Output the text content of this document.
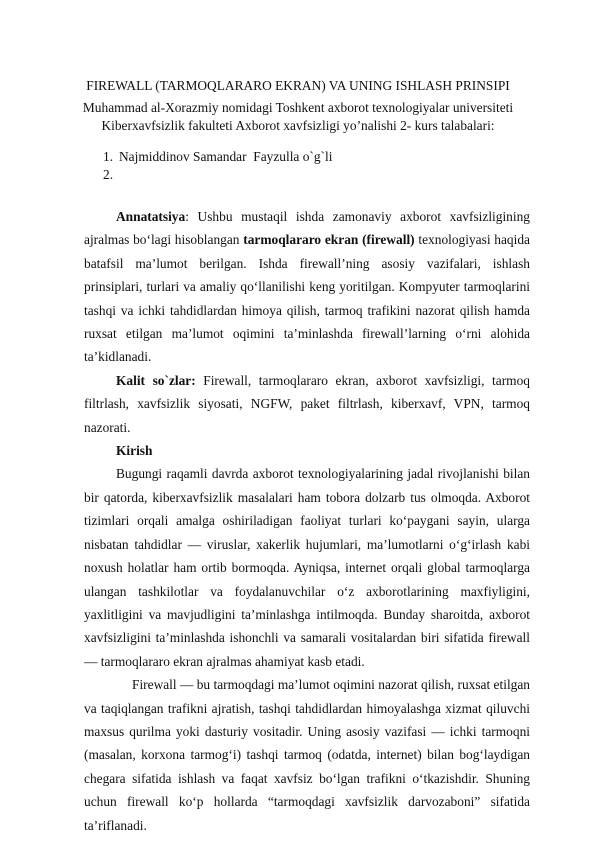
FIREWALL (TARMOQLARARO EKRAN) VA UNING ISHLASH PRINSIPI
Muhammad al-Xorazmiy nomidagi Toshkent axborot texnologiyalar universiteti
Kiberxavfsizlik fakulteti Axborot xavfsizligi yo’nalishi 2- kurs talabalari:
1. Najmiddinov Samandar  Fayzulla o`g`li
2.

Annatatsiya: Ushbu mustaqil ishda zamonaviy axborot xavfsizligining ajralmas bo‘lagi hisoblangan tarmoqlararo ekran (firewall) texnologiyasi haqida batafsil ma’lumot berilgan. Ishda firewall’ning asosiy vazifalari, ishlash prinsiplari, turlari va amaliy qo‘llanilishi keng yoritilgan. Kompyuter tarmoqlarini tashqi va ichki tahdidlardan himoya qilish, tarmoq trafikini nazorat qilish hamda ruxsat etilgan ma’lumot oqimini ta’minlashda firewall’larning o‘rni alohida ta’kidlanadi.

Kalit so`zlar: Firewall, tarmoqlararo ekran, axborot xavfsizligi, tarmoq filtrlash, xavfsizlik siyosati, NGFW, paket filtrlash, kiberxavf, VPN, tarmoq nazorati.

Kirish

Bugungi raqamli davrda axborot texnologiyalarining jadal rivojlanishi bilan bir qatorda, kiberxavfsizlik masalalari ham tobora dolzarb tus olmoqda. Axborot tizimlari orqali amalga oshiriladigan faoliyat turlari ko‘paygani sayin, ularga nisbatan tahdidlar — viruslar, xakerlik hujumlari, ma’lumotlarni o‘g‘irlash kabi noxush holatlar ham ortib bormoqda. Ayniqsa, internet orqali global tarmoqlarga ulangan tashkilotlar va foydalanuvchilar o‘z axborotlarining maxfiyligini, yaxlitligini va mavjudligini ta’minlashga intilmoqda. Bunday sharoitda, axborot xavfsizligini ta’minlashda ishonchli va samarali vositalardan biri sifatida firewall — tarmoqlararo ekran ajralmas ahamiyat kasb etadi.

Firewall — bu tarmoqdagi ma’lumot oqimini nazorat qilish, ruxsat etilgan va taqiqlangan trafikni ajratish, tashqi tahdidlardan himoyalashga xizmat qiluvchi maxsus qurilma yoki dasturiy vositadir. Uning asosiy vazifasi — ichki tarmoqni (masalan, korxona tarmog‘i) tashqi tarmoq (odatda, internet) bilan bog‘laydigan chegara sifatida ishlash va faqat xavfsiz bo‘lgan trafikni o‘tkazishdir. Shuning uchun firewall ko‘p hollarda “tarmoqdagi xavfsizlik darvozaboni” sifatida ta’riflanadi.
